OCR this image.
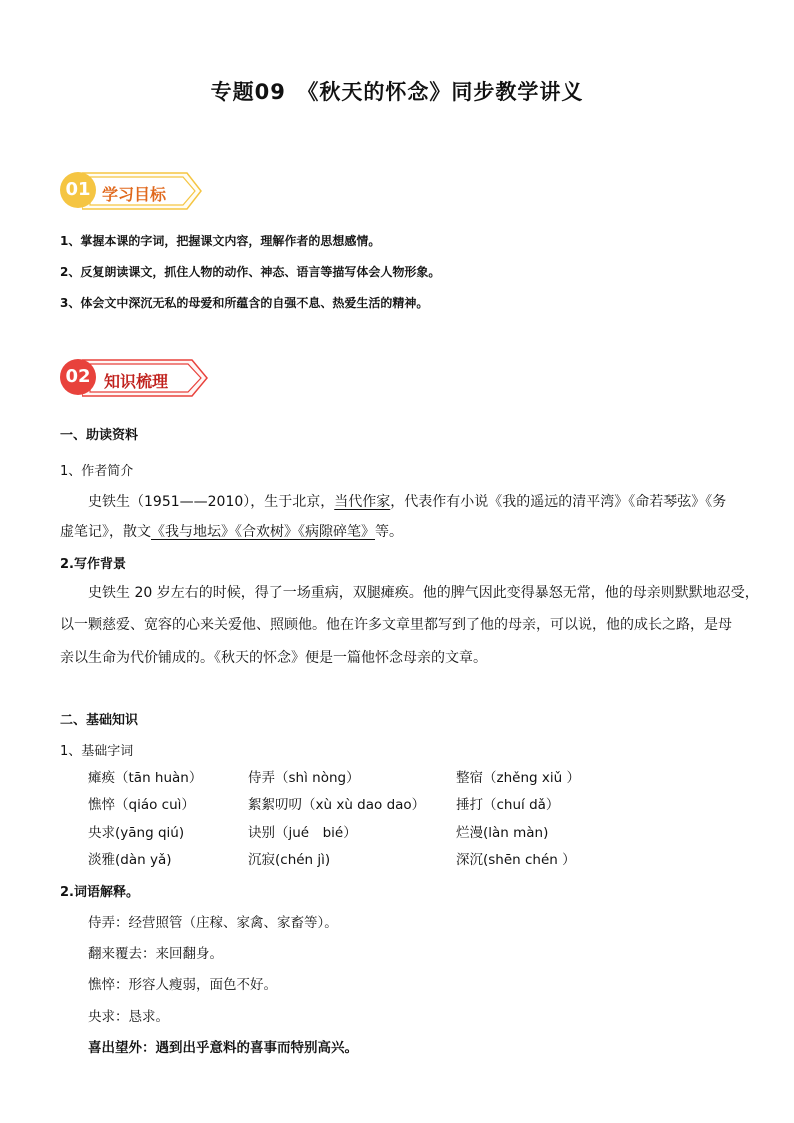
专题09　《秋天的怀念》同步教学讲义
01 学习目标
1、掌握本课的字词，把握课文内容，理解作者的思想感情。
2、反复朗读课文，抓住人物的动作、神态、语言等描写体会人物形象。
3、体会文中深沉无私的母爱和所蕴含的自强不息、热爱生活的精神。
02 知识梳理
一、助读资料
1、作者简介
史铁生（1951——2010），生于北京，当代作家，代表作有小说《我的遥远的清平湾》《命若琴弦》《务
虚笔记》，散文《我与地坛》《合欢树》《病隙碎笔》等。
2.写作背景
史铁生 20 岁左右的时候，得了一场重病，双腿瘫痪。他的脾气因此变得暴怒无常，他的母亲则默默地忍受，
以一颗慈爱、宽容的心来关爱他、照顾他。他在许多文章里都写到了他的母亲，可以说，他的成长之路，是母
亲以生命为代价铺成的。《秋天的怀念》便是一篇他怀念母亲的文章。
二、基础知识
1、基础字词
瘫痪（tān huàn）	侍弄（shì nòng）	整宿（zhěng xiǔ ）
憔悴（qiáo cuì）	絮絮叨叨（xù xù dao dao） 捶打（chuí dǎ）
央求(yāng qiú)	诀别（jué　bié）	烂漫(làn màn)
淡雅(dàn yǎ)	沉寂(chén jì)	深沉(shēn chén ）
2.词语解释。
侍弄：经营照管（庄稼、家禽、家畜等）。
翻来覆去：来回翻身。
憔悴：形容人瘦弱，面色不好。
央求：恳求。
喜出望外：遇到出乎意料的喜事而特别高兴。
